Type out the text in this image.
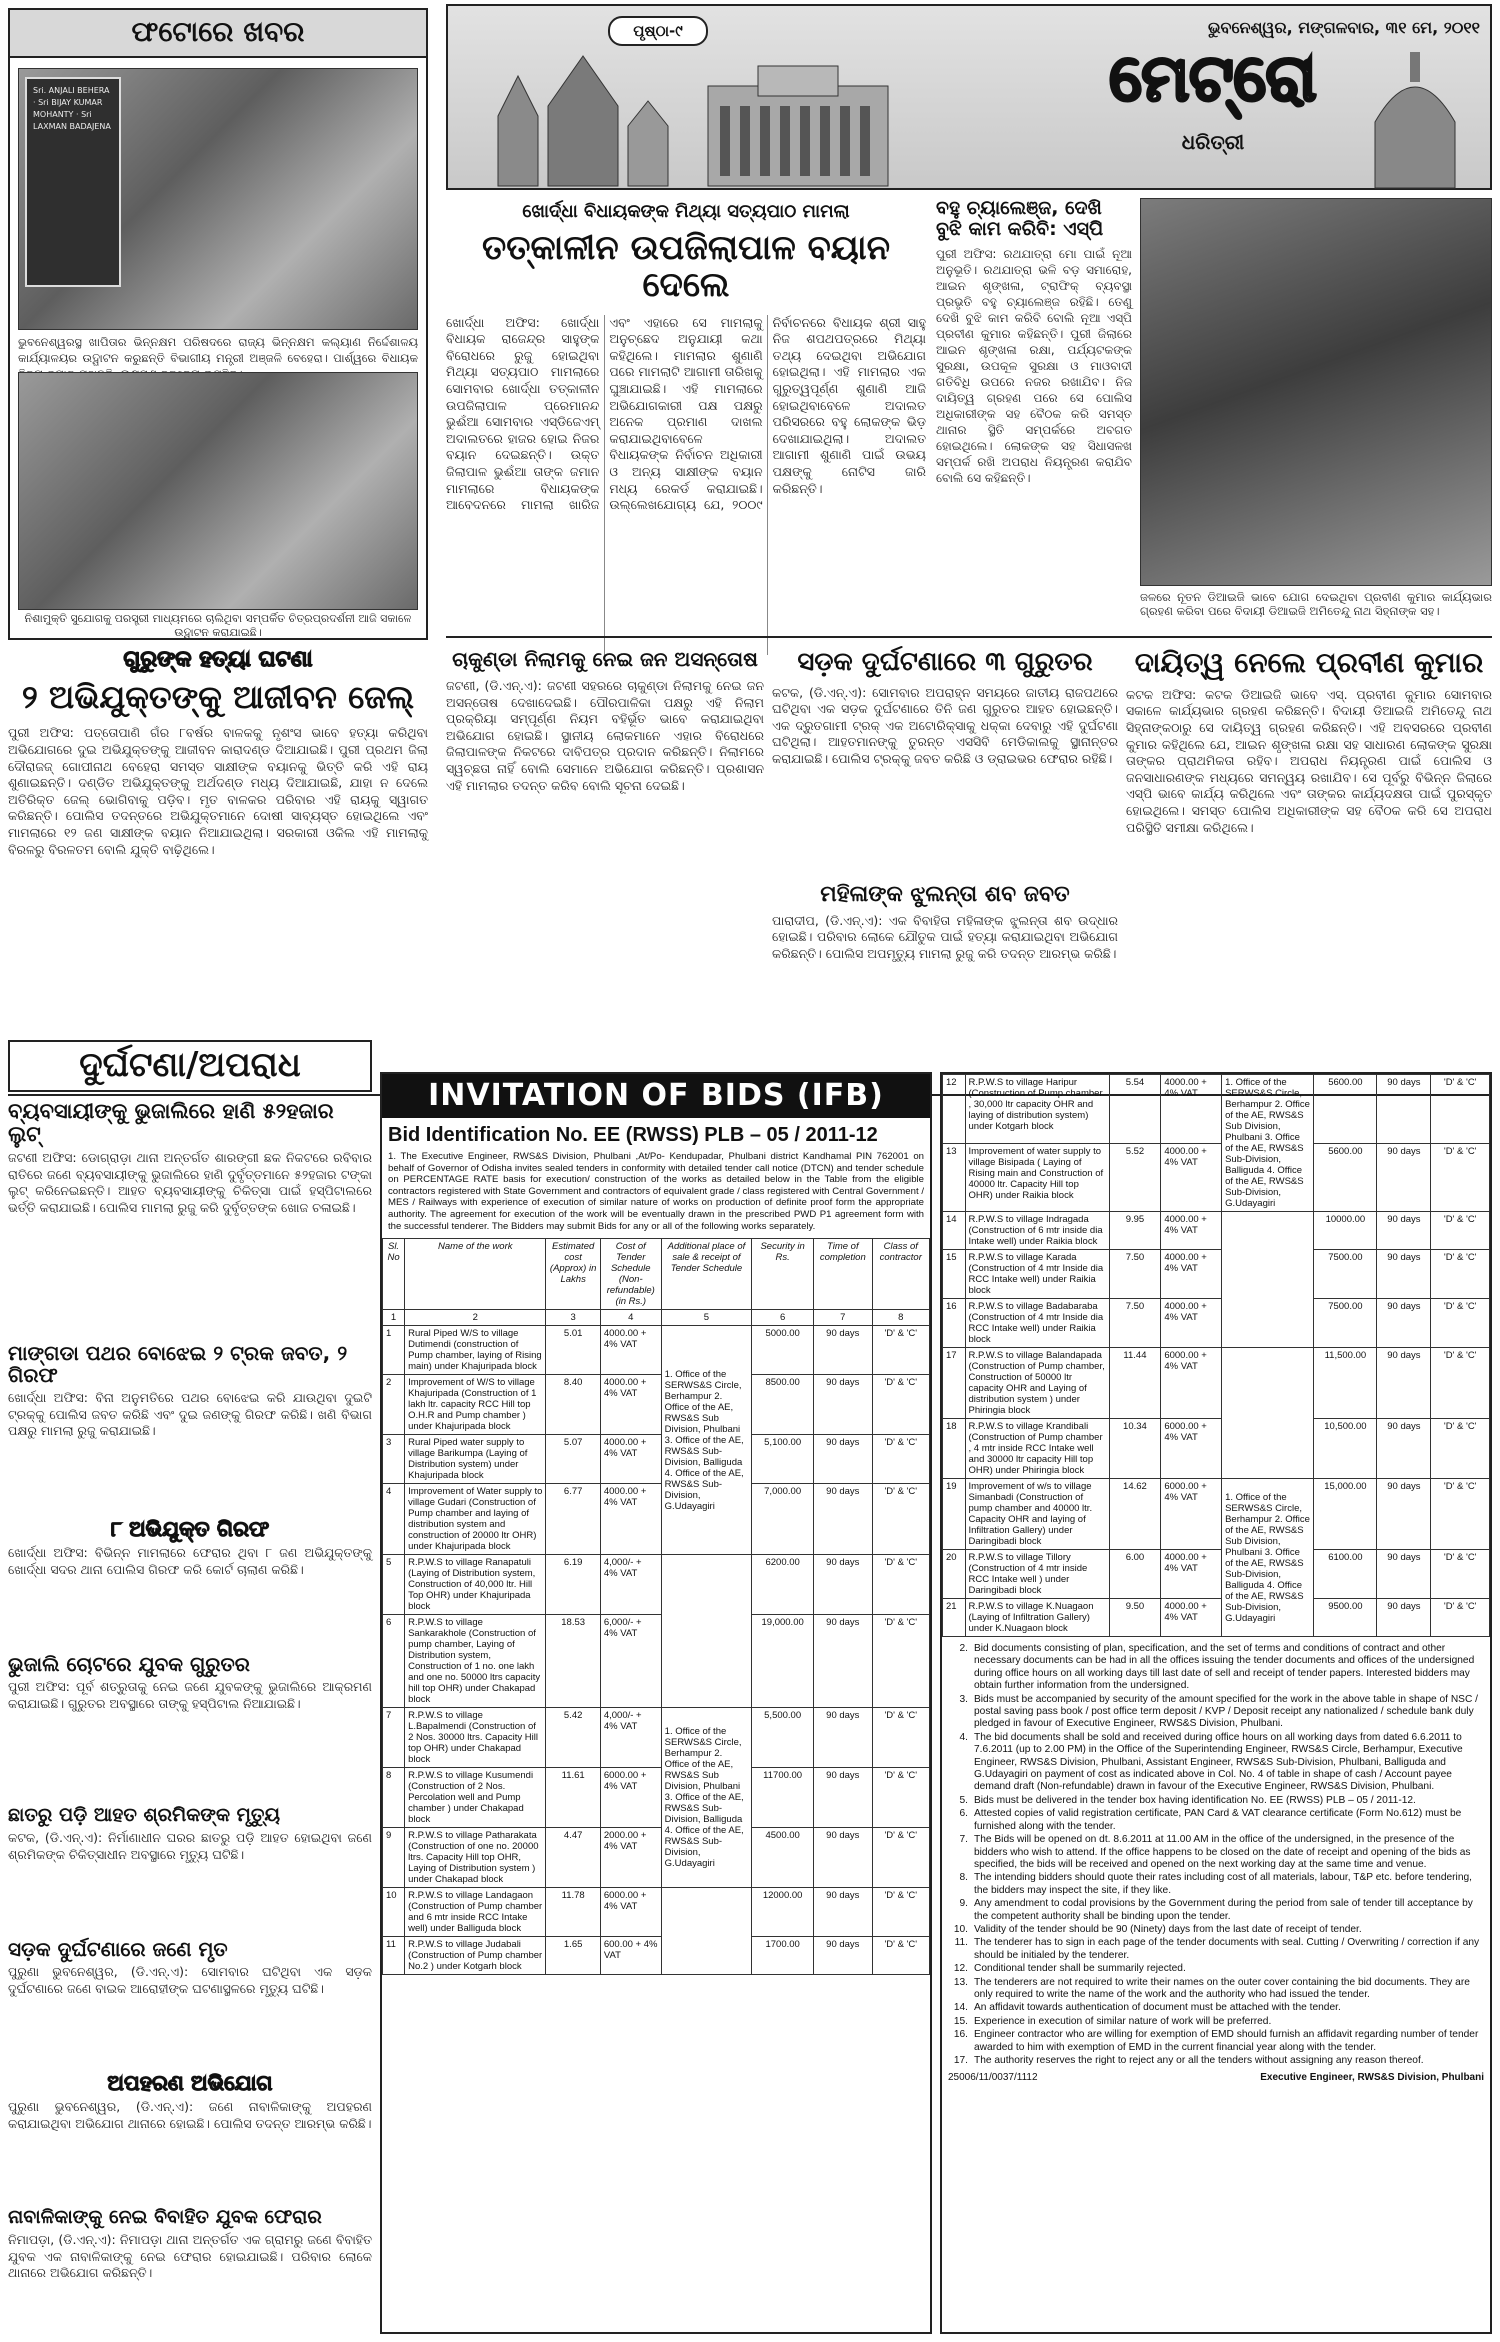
ଫଟୋରେ ଖବର
Sri. ANJALI BEHERA · Sri BIJAY KUMAR MOHANTY · Sri LAXMAN BADAJENA
ଭୁବନେଶ୍ୱରସ୍ଥ ଖାପିତାର ଭିନ୍ନକ୍ଷମ ପରିଷଦରେ ରାଜ୍ୟ ଭିନ୍ନକ୍ଷମ କଲ୍ୟାଣ ନିର୍ଦ୍ଦେଶାଳୟ କାର୍ଯ୍ୟାଳୟର ଉଦ୍ଘାଟନ କରୁଛନ୍ତି ବିଭାଗୀୟ ମନ୍ତ୍ରୀ ଅଞ୍ଜଳି ବେହେରା। ପାର୍ଶ୍ୱରେ ବିଧାୟକ
ନିଶାମୁକ୍ତି ସୁଯୋଗକୁ ପରସ୍ତ୍ରୀ ମାଧ୍ୟମରେ ଚାଲିଥିବା ସମ୍ପର୍କିତ ଚିତ୍ରପ୍ରଦର୍ଶନୀ ଆଜି ସକାଳେ ଉଦ୍ଘାଟନ କରାଯାଇଛି।
ପୃଷ୍ଠା-୯	ଭୁବନେଶ୍ୱର, ମଙ୍ଗଳବାର, ୩୧ ମେ, ୨୦୧୧
ମେଟ୍ରୋ
ଧରିତ୍ରୀ
ଖୋର୍ଦ୍ଧା ବିଧାୟକଙ୍କ ମିଥ୍ୟା ସତ୍ୟପାଠ ମାମଲା
ତତ୍କାଳୀନ ଉପଜିଲାପାଳ ବୟାନ ଦେଲେ
ଖୋର୍ଦ୍ଧା ଅଫିସ: ଖୋର୍ଦ୍ଧା ବିଧାୟକ ରାଜେନ୍ଦ୍ର ସାହୁଙ୍କ ବିରୋଧରେ ରୁଜୁ ହୋଇଥିବା ମିଥ୍ୟା ସତ୍ୟପାଠ ମାମଲାରେ ସୋମବାର ଖୋର୍ଦ୍ଧା ତତ୍କାଳୀନ ଉପଜିଲାପାଳ ପ୍ରେମାନନ୍ଦ ଭୁଈଁଆ ସୋମବାର ଏସ୍‌ଡିଜେଏମ୍ ଅଦାଲତରେ ହାଜର ହୋଇ ନିଜର ବୟାନ ଦେଇଛନ୍ତି। ଉକ୍ତ ଜିଲାପାଳ ଭୁଈଁଆ ତାଙ୍କ ଜମାନ ମାମଲାରେ ବିଧାୟକଙ୍କ ଆବେଦନରେ ମାମଲା ଖାରିଜ ଏବଂ ଏହାରେ ସେ ମାମଲାକୁ ଅନୁଚ୍ଛେଦ ଅନୁଯାୟୀ କଥା କହିଥିଲେ। ମାମଲାର ଶୁଣାଣି ପରେ ମାମଲାଟି ଆଗାମୀ ତାରିଖକୁ ଘୁଞ୍ଚାଯାଇଛି। ଏହି ମାମଲାରେ ଅଭିଯୋଗକାରୀ ପକ୍ଷ ପକ୍ଷରୁ ଅନେକ ପ୍ରମାଣ ଦାଖଲ କରାଯାଇଥିବାବେଳେ ବିଧାୟକଙ୍କ ନିର୍ବାଚନ ଅଧିକାରୀ ଓ ଅନ୍ୟ ସାକ୍ଷୀଙ୍କ ବୟାନ ମଧ୍ୟ ରେକର୍ଡ କରାଯାଇଛି। ଉଲ୍ଲେଖଯୋଗ୍ୟ ଯେ, ୨୦୦୯ ନିର୍ବାଚନରେ ବିଧାୟକ ଶ୍ରୀ ସାହୁ ନିଜ ଶପଥପତ୍ରରେ ମିଥ୍ୟା ତଥ୍ୟ ଦେଇଥିବା ଅଭିଯୋଗ ହୋଇଥିଲା। ଏହି ମାମଲାର ଏକ ଗୁରୁତ୍ୱପୂର୍ଣ୍ଣ ଶୁଣାଣି ଆଜି ହୋଇଥିବାବେଳେ ଅଦାଲତ ପରିସରରେ ବହୁ ଲୋକଙ୍କ ଭିଡ଼ ଦେଖାଯାଇଥିଲା। ଅଦାଲତ ଆଗାମୀ ଶୁଣାଣି ପାଇଁ ଉଭୟ ପକ୍ଷଙ୍କୁ ନୋଟିସ ଜାରି କରିଛନ୍ତି।
ବହୁ ଚ୍ୟାଲେଞ୍ଜ, ଦେଖି ବୁଝି କାମ କରିବି: ଏସ୍‌ପି
ପୁରୀ ଅଫିସ: ରଥଯାତ୍ରା ମୋ ପାଇଁ ନୂଆ ଅନୁଭୂତି। ରଥଯାତ୍ରା ଭଳି ବଡ଼ ସମାରୋହ, ଆଇନ ଶୃଙ୍ଖଳା, ଟ୍ରାଫିକ୍ ବ୍ୟବସ୍ଥା ପ୍ରଭୃତି ବହୁ ଚ୍ୟାଲେଞ୍ଜ ରହିଛି। ତେଣୁ ଦେଖି ବୁଝି କାମ କରିବି ବୋଲି ନୂଆ ଏସ୍‌ପି ପ୍ରବୀଣ କୁମାର କହିଛନ୍ତି। ପୁରୀ ଜିଲାରେ ଆଇନ ଶୃଙ୍ଖଳା ରକ୍ଷା, ପର୍ଯ୍ୟଟକଙ୍କ ସୁରକ୍ଷା, ଉପକୂଳ ସୁରକ୍ଷା ଓ ମାଓବାଦୀ ଗତିବିଧି ଉପରେ ନଜର ରଖାଯିବ। ନିଜ ଦାୟିତ୍ୱ ଗ୍ରହଣ ପରେ ସେ ପୋଲିସ ଅଧିକାରୀଙ୍କ ସହ ବୈଠକ କରି ସମସ୍ତ ଥାନାର ସ୍ଥିତି ସମ୍ପର୍କରେ ଅବଗତ ହୋଇଥିଲେ। ଲୋକଙ୍କ ସହ ସିଧାସଳଖ ସମ୍ପର୍କ ରଖି ଅପରାଧ ନିୟନ୍ତ୍ରଣ କରାଯିବ ବୋଲି ସେ କହିଛନ୍ତି।
ଜଳରେ ନୂତନ ଡିଆଇଜି ଭାବେ ଯୋଗ ଦେଇଥିବା ପ୍ରବୀଣ କୁମାର କାର୍ଯ୍ୟଭାର ଗ୍ରହଣ କରିବା ପରେ ବିଦାୟୀ ଡିଆଇଜି ଅମିତେନ୍ଦୁ ନାଥ ସିହ୍ନାଙ୍କ ସହ।
ଗୁରୁଙ୍କ ହତ୍ୟା ଘଟଣା
୨ ଅଭିଯୁକ୍ତଙ୍କୁ ଆଜୀବନ ଜେଲ୍
ପୁରୀ ଅଫିସ: ପତ୍ତୋପାଣି ଗଁର ୮ବର୍ଷର ବାଳକକୁ ନୃଶଂସ ଭାବେ ହତ୍ୟା କରିଥିବା ଅଭିଯୋଗରେ ଦୁଇ ଅଭିଯୁକ୍ତଙ୍କୁ ଆଜୀବନ କାରାଦଣ୍ଡ ଦିଆଯାଇଛି। ପୁରୀ ପ୍ରଥମ ଜିଲା ଦୌରାଜଜ୍ ଗୋପୀନାଥ ବେହେରା ସମସ୍ତ ସାକ୍ଷୀଙ୍କ ବୟାନକୁ ଭିତ୍ତି କରି ଏହି ରାୟ ଶୁଣାଇଛନ୍ତି। ଦଣ୍ଡିତ ଅଭିଯୁକ୍ତଙ୍କୁ ଅର୍ଥଦଣ୍ଡ ମଧ୍ୟ ଦିଆଯାଇଛି, ଯାହା ନ ଦେଲେ ଅତିରିକ୍ତ ଜେଲ୍ ଭୋଗିବାକୁ ପଡ଼ିବ। ମୃତ ବାଳକର ପରିବାର ଏହି ରାୟକୁ ସ୍ୱାଗତ କରିଛନ୍ତି। ପୋଲିସ ତଦନ୍ତରେ ଅଭିଯୁକ୍ତମାନେ ଦୋଷୀ ସାବ୍ୟସ୍ତ ହୋଇଥିଲେ ଏବଂ ମାମଲାରେ ୧୨ ଜଣ ସାକ୍ଷୀଙ୍କ ବୟାନ ନିଆଯାଇଥିଲା। ସରକାରୀ ଓକିଲ ଏହି ମାମଲାକୁ ବିରଳରୁ ବିରଳତମ ବୋଲି ଯୁକ୍ତି ବାଢ଼ିଥିଲେ।
ଚାକୁଣ୍ଡା ନିଲାମକୁ ନେଇ ଜନ ଅସନ୍ତୋଷ
ଜଟଣୀ, (ଡି.ଏନ୍.ଏ): ଜଟଣୀ ସହରରେ ଚାକୁଣ୍ଡା ନିଲାମକୁ ନେଇ ଜନ ଅସନ୍ତୋଷ ଦେଖାଦେଇଛି। ପୌରପାଳିକା ପକ୍ଷରୁ ଏହି ନିଲାମ ପ୍ରକ୍ରିୟା ସମ୍ପୂର୍ଣ୍ଣ ନିୟମ ବହିର୍ଭୂତ ଭାବେ କରାଯାଇଥିବା ଅଭିଯୋଗ ହୋଇଛି। ସ୍ଥାନୀୟ ଲୋକମାନେ ଏହାର ବିରୋଧରେ ଜିଲାପାଳଙ୍କ ନିକଟରେ ଦାବିପତ୍ର ପ୍ରଦାନ କରିଛନ୍ତି। ନିଲାମରେ ସ୍ୱଚ୍ଛତା ନାହିଁ ବୋଲି ସେମାନେ ଅଭିଯୋଗ କରିଛନ୍ତି। ପ୍ରଶାସନ ଏହି ମାମଲାର ତଦନ୍ତ କରିବ ବୋଲି ସୂଚନା ଦେଇଛି।
ସଡ଼କ ଦୁର୍ଘଟଣାରେ ୩ ଗୁରୁତର
କଟକ, (ଡି.ଏନ୍.ଏ): ସୋମବାର ଅପରାହ୍ନ ସମୟରେ ଜାତୀୟ ରାଜପଥରେ ଘଟିଥିବା ଏକ ସଡ଼କ ଦୁର୍ଘଟଣାରେ ତିନି ଜଣ ଗୁରୁତର ଆହତ ହୋଇଛନ୍ତି। ଏକ ଦ୍ରୁତଗାମୀ ଟ୍ରକ୍ ଏକ ଅଟୋରିକ୍ସାକୁ ଧକ୍କା ଦେବାରୁ ଏହି ଦୁର୍ଘଟଣା ଘଟିଥିଲା। ଆହତମାନଙ୍କୁ ତୁରନ୍ତ ଏସସିବି ମେଡିକାଲକୁ ସ୍ଥାନାନ୍ତର କରାଯାଇଛି। ପୋଲିସ ଟ୍ରକ୍‌କୁ ଜବତ କରିଛି ଓ ଡ୍ରାଇଭର ଫେରାର ରହିଛି।
ମହିଳାଙ୍କ ଝୁଲନ୍ତା ଶବ ଜବତ
ପାରାଦୀପ, (ଡି.ଏନ୍.ଏ): ଏକ ବିବାହିତା ମହିଳାଙ୍କ ଝୁଲନ୍ତା ଶବ ଉଦ୍ଧାର ହୋଇଛି। ପରିବାର ଲୋକେ ଯୌତୁକ ପାଇଁ ହତ୍ୟା କରାଯାଇଥିବା ଅଭିଯୋଗ କରିଛନ୍ତି। ପୋଲିସ ଅପମୃତ୍ୟୁ ମାମଲା ରୁଜୁ କରି ତଦନ୍ତ ଆରମ୍ଭ କରିଛି।
ଦାୟିତ୍ୱ ନେଲେ ପ୍ରବୀଣ କୁମାର
କଟକ ଅଫିସ: କଟକ ଡିଆଇଜି ଭାବେ ଏସ୍. ପ୍ରବୀଣ କୁମାର ସୋମବାର ସକାଳେ କାର୍ଯ୍ୟଭାର ଗ୍ରହଣ କରିଛନ୍ତି। ବିଦାୟୀ ଡିଆଇଜି ଅମିତେନ୍ଦୁ ନାଥ ସିହ୍ନାଙ୍କଠାରୁ ସେ ଦାୟିତ୍ୱ ଗ୍ରହଣ କରିଛନ୍ତି। ଏହି ଅବସରରେ ପ୍ରବୀଣ କୁମାର କହିଥିଲେ ଯେ, ଆଇନ ଶୃଙ୍ଖଳା ରକ୍ଷା ସହ ସାଧାରଣ ଲୋକଙ୍କ ସୁରକ୍ଷା ତାଙ୍କର ପ୍ରାଥମିକତା ରହିବ। ଅପରାଧ ନିୟନ୍ତ୍ରଣ ପାଇଁ ପୋଲିସ ଓ ଜନସାଧାରଣଙ୍କ ମଧ୍ୟରେ ସମନ୍ୱୟ ରଖାଯିବ। ସେ ପୂର୍ବରୁ ବିଭିନ୍ନ ଜିଲାରେ ଏସ୍‌ପି ଭାବେ କାର୍ଯ୍ୟ କରିଥିଲେ ଏବଂ ତାଙ୍କର କାର୍ଯ୍ୟଦକ୍ଷତା ପାଇଁ ପୁରସ୍କୃତ ହୋଇଥିଲେ। ସମସ୍ତ ପୋଲିସ ଅଧିକାରୀଙ୍କ ସହ ବୈଠକ କରି ସେ ଅପରାଧ ପରିସ୍ଥିତି ସମୀକ୍ଷା କରିଥିଲେ।
ଦୁର୍ଘଟଣା/ଅପରାଧ
ବ୍ୟବସାୟୀଙ୍କୁ ଭୁଜାଲିରେ ହାଣି ୫୨ହଜାର ଲୁଟ୍
ଜଟଣୀ ଅଫିସ: ଡୋଗ୍ରାଡ଼ା ଥାନା ଅନ୍ତର୍ଗତ ଶାରଙ୍ଗୀ ଛକ ନିକଟରେ ରବିବାର ରାତିରେ ଜଣେ ବ୍ୟବସାୟୀଙ୍କୁ ଭୁଜାଲିରେ ହାଣି ଦୁର୍ବୃତ୍ତମାନେ ୫୨ହଜାର ଟଙ୍କା ଲୁଟ୍ କରିନେଇଛନ୍ତି। ଆହତ ବ୍ୟବସାୟୀଙ୍କୁ ଚିକିତ୍ସା ପାଇଁ ହସ୍ପିଟାଲରେ ଭର୍ତ୍ତି କରାଯାଇଛି। ପୋଲିସ ମାମଲା ରୁଜୁ କରି ଦୁର୍ବୃତ୍ତଙ୍କ ଖୋଜ ଚଳାଇଛି।
ମାଙ୍ଗଡା ପଥର ବୋଝେଇ ୨ ଟ୍ରକ ଜବତ, ୨ ଗିରଫ
ଖୋର୍ଦ୍ଧା ଅଫିସ: ବିନା ଅନୁମତିରେ ପଥର ବୋଝେଇ କରି ଯାଉଥିବା ଦୁଇଟି ଟ୍ରକ୍‌କୁ ପୋଲିସ ଜବତ କରିଛି ଏବଂ ଦୁଇ ଜଣଙ୍କୁ ଗିରଫ କରିଛି। ଖଣି ବିଭାଗ ପକ୍ଷରୁ ମାମଲା ରୁଜୁ କରାଯାଇଛି।
୮ ଅଭିଯୁକ୍ତ ଗିରଫ
ଖୋର୍ଦ୍ଧା ଅଫିସ: ବିଭିନ୍ନ ମାମଲାରେ ଫେରାର ଥିବା ୮ ଜଣ ଅଭିଯୁକ୍ତଙ୍କୁ ଖୋର୍ଦ୍ଧା ସଦର ଥାନା ପୋଲିସ ଗିରଫ କରି କୋର୍ଟ ଚାଲାଣ କରିଛି।
ଭୁଜାଲି ଚୋଟରେ ଯୁବକ ଗୁରୁତର
ପୁରୀ ଅଫିସ: ପୂର୍ବ ଶତ୍ରୁତାକୁ ନେଇ ଜଣେ ଯୁବକଙ୍କୁ ଭୁଜାଲିରେ ଆକ୍ରମଣ କରାଯାଇଛି। ଗୁରୁତର ଅବସ୍ଥାରେ ତାଙ୍କୁ ହସ୍ପିଟାଲ ନିଆଯାଇଛି।
ଛାତରୁ ପଡ଼ି ଆହତ ଶ୍ରମିକଙ୍କ ମୃତ୍ୟୁ
କଟକ, (ଡି.ଏନ୍.ଏ): ନିର୍ମାଣାଧୀନ ଘରର ଛାତରୁ ପଡ଼ି ଆହତ ହୋଇଥିବା ଜଣେ ଶ୍ରମିକଙ୍କ ଚିକିତ୍ସାଧୀନ ଅବସ୍ଥାରେ ମୃତ୍ୟୁ ଘଟିଛି।
ସଡ଼କ ଦୁର୍ଘଟଣାରେ ଜଣେ ମୃତ
ପୁରୁଣା ଭୁବନେଶ୍ୱର, (ଡି.ଏନ୍.ଏ): ସୋମବାର ଘଟିଥିବା ଏକ ସଡ଼କ ଦୁର୍ଘଟଣାରେ ଜଣେ ବାଇକ ଆରୋହୀଙ୍କ ଘଟଣାସ୍ଥଳରେ ମୃତ୍ୟୁ ଘଟିଛି।
ଅପହରଣ ଅଭିଯୋଗ
ପୁରୁଣା ଭୁବନେଶ୍ୱର, (ଡି.ଏନ୍.ଏ): ଜଣେ ନାବାଳିକାଙ୍କୁ ଅପହରଣ କରାଯାଇଥିବା ଅଭିଯୋଗ ଥାନାରେ ହୋଇଛି। ପୋଲିସ ତଦନ୍ତ ଆରମ୍ଭ କରିଛି।
ନାବାଳିକାଙ୍କୁ ନେଇ ବିବାହିତ ଯୁବକ ଫେରାର
ନିମାପଡ଼ା, (ଡି.ଏନ୍.ଏ): ନିମାପଡ଼ା ଥାନା ଅନ୍ତର୍ଗତ ଏକ ଗ୍ରାମରୁ ଜଣେ ବିବାହିତ ଯୁବକ ଏକ ନାବାଳିକାଙ୍କୁ ନେଇ ଫେରାର ହୋଇଯାଇଛି। ପରିବାର ଲୋକେ ଥାନାରେ ଅଭିଯୋଗ କରିଛନ୍ତି।
INVITATION OF BIDS (IFB)
Bid Identification No. EE (RWSS) PLB – 05 / 2011-12
1. The Executive Engineer, RWS&S Division, Phulbani ,At/Po- Kendupadar, Phulbani district Kandhamal PIN 762001 on behalf of Governor of Odisha invites sealed tenders in conformity with detailed tender call notice (DTCN) and tender schedule on PERCENTAGE RATE basis for execution/ construction of the works as detailed below in the Table from the eligible contractors registered with State Government and contractors of equivalent grade / class registered with Central Government / MES / Railways with experience of execution of similar nature of works on production of definite proof form the appropriate authority. The agreement for execution of the work will be eventually drawn in the prescribed PWD P1 agreement form with the successful tenderer. The Bidders may submit Bids for any or all of the following works separately.
Sl. No	Name of the work	Estimated cost (Approx) in Lakhs	Cost of Tender Schedule (Non-refundable) (in Rs.)	Additional place of sale & receipt of Tender Schedule	Security in Rs.	Time of completion	Class of contractor
1	2	3	4	5	6	7	8
1	Rural Piped W/S to village Dutimendi (construction of Pump chamber, laying of Rising main) under Khajuripada block	5.01	4000.00 + 4% VAT	1. Office of the SERWS&S Circle, Berhampur 2. Office of the AE, RWS&S Sub Division, Phulbani 3. Office of the AE, RWS&S Sub-Division, Balliguda 4. Office of the AE, RWS&S Sub-Division, G.Udayagiri	5000.00	90 days	'D' & 'C'
2	Improvement of W/S to village Khajuripada (Construction of 1 lakh ltr. capacity RCC Hill top O.H.R and Pump chamber ) under Khajuripada block	8.40	4000.00 + 4% VAT		8500.00	90 days	'D' & 'C'
3	Rural Piped water supply to village Barikumpa (Laying of Distribution system) under Khajuripada block	5.07	4000.00 + 4% VAT		5,100.00	90 days	'D' & 'C'
4	Improvement of Water supply to village Gudari (Construction of Pump chamber and laying of distribution system and construction of 20000 ltr OHR) under Khajuripada block	6.77	4000.00 + 4% VAT		7,000.00	90 days	'D' & 'C'
5	R.P.W.S to village Ranapatuli (Laying of Distribution system, Construction of 40,000 ltr. Hill Top OHR) under Khajuripada block	6.19	4,000/- + 4% VAT		6200.00	90 days	'D' & 'C'
6	R.P.W.S to village Sankarakhole (Construction of pump chamber, Laying of Distribution system, Construction of 1 no. one lakh and one no. 50000 ltrs capacity hill top OHR) under Chakapad block	18.53	6,000/- + 4% VAT		19,000.00	90 days	'D' & 'C'
7	R.P.W.S to village L.Bapalmendi (Construction of 2 Nos. 30000 ltrs. Capacity Hill top OHR) under Chakapad block	5.42	4,000/- + 4% VAT	1. Office of the SERWS&S Circle, Berhampur 2. Office of the AE, RWS&S Sub Division, Phulbani 3. Office of the AE, RWS&S Sub-Division, Balliguda 4. Office of the AE, RWS&S Sub-Division, G.Udayagiri	5,500.00	90 days	'D' & 'C'
8	R.P.W.S to village Kusumendi (Construction of 2 Nos. Percolation well and Pump chamber ) under Chakapad block	11.61	6000.00 + 4% VAT		11700.00	90 days	'D' & 'C'
9	R.P.W.S to village Patharakata (Construction of one no. 20000 ltrs. Capacity Hill top OHR, Laying of Distribution system ) under Chakapad block	4.47	2000.00 + 4% VAT		4500.00	90 days	'D' & 'C'
10	R.P.W.S to village Landagaon (Construction of Pump chamber and 6 mtr inside RCC Intake well) under Balliguda block	11.78	6000.00 + 4% VAT		12000.00	90 days	'D' & 'C'
11	R.P.W.S to village Judabali (Construction of Pump chamber No.2 ) under Kotgarh block	1.65	600.00 + 4% VAT		1700.00	90 days	'D' & 'C'
12	R.P.W.S to village Haripur (Construction of Pump chamber , 30,000 ltr capacity OHR and laying of distribution system) under Kotgarh block	5.54	4000.00 + 4% VAT	1. Office of the SERWS&S Circle, Berhampur 2. Office of the AE, RWS&S Sub Division, Phulbani 3. Office of the AE, RWS&S Sub-Division, Balliguda 4. Office of the AE, RWS&S Sub-Division, G.Udayagiri	5600.00	90 days	'D' & 'C'
13	Improvement of water supply to village Bisipada ( Laying of Rising main and Construction of 40000 ltr. Capacity Hill top OHR) under Raikia block	5.52	4000.00 + 4% VAT		5600.00	90 days	'D' & 'C'
14	R.P.W.S to village Indragada (Construction of 6 mtr inside dia Intake well) under Raikia block	9.95	4000.00 + 4% VAT		10000.00	90 days	'D' & 'C'
15	R.P.W.S to village Karada (Construction of 4 mtr Inside dia RCC Intake well) under Raikia block	7.50	4000.00 + 4% VAT		7500.00	90 days	'D' & 'C'
16	R.P.W.S to village Badabaraba (Construction of 4 mtr Inside dia RCC Intake well) under Raikia block	7.50	4000.00 + 4% VAT		7500.00	90 days	'D' & 'C'
17	R.P.W.S to village Balandapada (Construction of Pump chamber, Construction of 50000 ltr capacity OHR and Laying of distribution system ) under Phiringia block	11.44	6000.00 + 4% VAT		11,500.00	90 days	'D' & 'C'
18	R.P.W.S to village Krandibali (Construction of Pump chamber , 4 mtr inside RCC Intake well and 30000 ltr capacity Hill top OHR) under Phiringia block	10.34	6000.00 + 4% VAT		10,500.00	90 days	'D' & 'C'
19	Improvement of w/s to village Simanbadi (Construction of pump chamber and 40000 ltr. Capacity OHR and laying of Infiltration Gallery) under Daringibadi block	14.62	6000.00 + 4% VAT	1. Office of the SERWS&S Circle, Berhampur 2. Office of the AE, RWS&S Sub Division, Phulbani 3. Office of the AE, RWS&S Sub-Division, Balliguda 4. Office of the AE, RWS&S Sub-Division, G.Udayagiri	15,000.00	90 days	'D' & 'C'
20	R.P.W.S to village Tillory (Construction of 4 mtr inside RCC Intake well ) under Daringibadi block	6.00	4000.00 + 4% VAT		6100.00	90 days	'D' & 'C'
21	R.P.W.S to village K.Nuagaon (Laying of Infiltration Gallery) under K.Nuagaon block	9.50	4000.00 + 4% VAT		9500.00	90 days	'D' & 'C'
2. Bid documents consisting of plan, specification, and the set of terms and conditions of contract and other necessary documents can be had in all the offices issuing the tender documents and offices of the undersigned during office hours on all working days till last date of sell and receipt of tender papers. Interested bidders may obtain further information from the undersigned.
3. Bids must be accompanied by security of the amount specified for the work in the above table in shape of NSC / postal saving pass book / post office term deposit / KVP / Deposit receipt any nationalized / schedule bank duly pledged in favour of Executive Engineer, RWS&S Division, Phulbani.
4. The bid documents shall be sold and received during office hours on all working days from dated 6.6.2011 to 7.6.2011 (up to 2.00 PM) in the Office of the Superintending Engineer, RWS&S Circle, Berhampur, Executive Engineer, RWS&S Division, Phulbani, Assistant Engineer, RWS&S Sub-Division, Phulbani, Balliguda and G.Udayagiri on payment of cost as indicated above in Col. No. 4 of table in shape of cash / Account payee demand draft (Non-refundable) drawn in favour of the Executive Engineer, RWS&S Division, Phulbani.
5. Bids must be delivered in the tender box having identification No. EE (RWSS) PLB – 05 / 2011-12.
6. Attested copies of valid registration certificate, PAN Card & VAT clearance certificate (Form No.612) must be furnished along with the tender.
7. The Bids will be opened on dt. 8.6.2011 at 11.00 AM in the office of the undersigned, in the presence of the bidders who wish to attend. If the office happens to be closed on the date of receipt and opening of the bids as specified, the bids will be received and opened on the next working day at the same time and venue.
8. The intending bidders should quote their rates including cost of all materials, labour, T&P etc. before tendering, the bidders may inspect the site, if they like.
9. Any amendment to codal provisions by the Government during the period from sale of tender till acceptance by the competent authority shall be binding upon the tender.
10. Validity of the tender should be 90 (Ninety) days from the last date of receipt of tender.
11. The tenderer has to sign in each page of the tender documents with seal. Cutting / Overwriting / correction if any should be initialed by the tenderer.
12. Conditional tender shall be summarily rejected.
13. The tenderers are not required to write their names on the outer cover containing the bid documents. They are only required to write the name of the work and the authority who had issued the tender.
14. An affidavit towards authentication of document must be attached with the tender.
15. Experience in execution of similar nature of work will be preferred.
16. Engineer contractor who are willing for exemption of EMD should furnish an affidavit regarding number of tender awarded to him with exemption of EMD in the current financial year along with the tender.
17. The authority reserves the right to reject any or all the tenders without assigning any reason thereof.
25006/11/0037/1112	Executive Engineer, RWS&S Division, Phulbani
